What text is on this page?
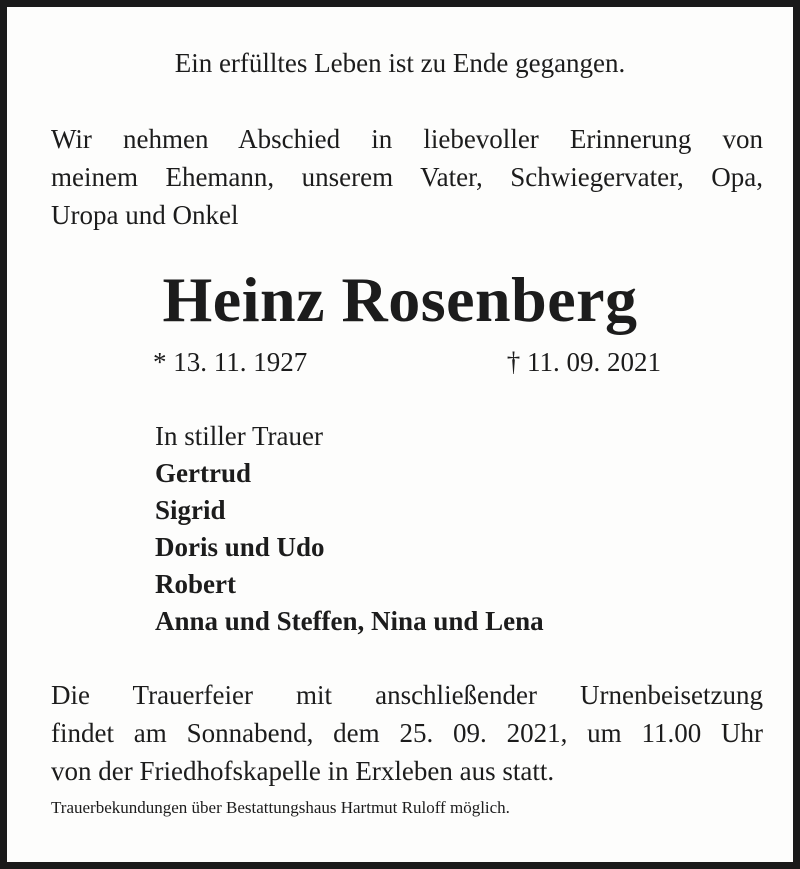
Ein erfülltes Leben ist zu Ende gegangen.
Wir nehmen Abschied in liebevoller Erinnerung von
meinem Ehemann, unserem Vater, Schwiegervater, Opa,
Uropa und Onkel
Heinz Rosenberg
* 13. 11. 1927	† 11. 09. 2021
In stiller Trauer
Gertrud
Sigrid
Doris und Udo
Robert
Anna und Steffen, Nina und Lena
Die Trauerfeier mit anschließender Urnenbeisetzung
findet am Sonnabend, dem 25. 09. 2021, um 11.00 Uhr
von der Friedhofskapelle in Erxleben aus statt.
Trauerbekundungen über Bestattungshaus Hartmut Ruloff möglich.
